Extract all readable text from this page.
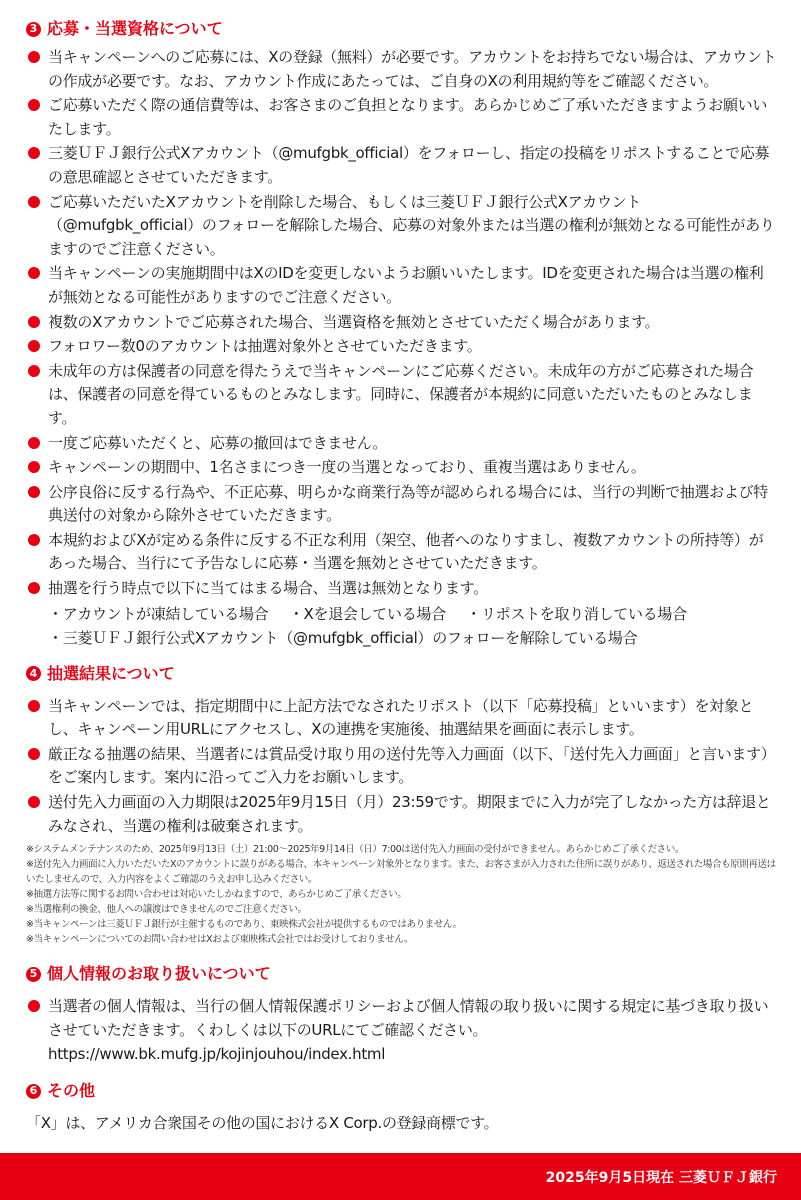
3 応募・当選資格について
当キャンペーンへのご応募には、Xの登録（無料）が必要です。アカウントをお持ちでない場合は、アカウントの作成が必要です。なお、アカウント作成にあたっては、ご自身のXの利用規約等をご確認ください。
ご応募いただく際の通信費等は、お客さまのご負担となります。あらかじめご了承いただきますようお願いいたします。
三菱ＵＦＪ銀行公式Xアカウント（@mufgbk_official）をフォローし、指定の投稿をリポストすることで応募の意思確認とさせていただきます。
ご応募いただいたXアカウントを削除した場合、もしくは三菱ＵＦＪ銀行公式Xアカウント（@mufgbk_official）のフォローを解除した場合、応募の対象外または当選の権利が無効となる可能性がありますのでご注意ください。
当キャンペーンの実施期間中はXのIDを変更しないようお願いいたします。IDを変更された場合は当選の権利が無効となる可能性がありますのでご注意ください。
複数のXアカウントでご応募された場合、当選資格を無効とさせていただく場合があります。
フォロワー数0のアカウントは抽選対象外とさせていただきます。
未成年の方は保護者の同意を得たうえで当キャンペーンにご応募ください。未成年の方がご応募された場合は、保護者の同意を得ているものとみなします。同時に、保護者が本規約に同意いただいたものとみなします。
一度ご応募いただくと、応募の撤回はできません。
キャンペーンの期間中、1名さまにつき一度の当選となっており、重複当選はありません。
公序良俗に反する行為や、不正応募、明らかな商業行為等が認められる場合には、当行の判断で抽選および特典送付の対象から除外させていただきます。
本規約およびXが定める条件に反する不正な利用（架空、他者へのなりすまし、複数アカウントの所持等）があった場合、当行にて予告なしに応募・当選を無効とさせていただきます。
抽選を行う時点で以下に当てはまる場合、当選は無効となります。
・アカウントが凍結している場合 ・Xを退会している場合 ・リポストを取り消している場合
・三菱ＵＦＪ銀行公式Xアカウント（@mufgbk_official）のフォローを解除している場合
4 抽選結果について
当キャンペーンでは、指定期間中に上記方法でなされたリポスト（以下「応募投稿」といいます）を対象とし、キャンペーン用URLにアクセスし、Xの連携を実施後、抽選結果を画面に表示します。
厳正なる抽選の結果、当選者には賞品受け取り用の送付先等入力画面（以下、「送付先入力画面」と言います）をご案内します。案内に沿ってご入力をお願いします。
送付先入力画面の入力期限は2025年9月15日（月）23:59です。期限までに入力が完了しなかった方は辞退とみなされ、当選の権利は破棄されます。
※システムメンテナンスのため、2025年9月13日（土）21:00〜2025年9月14日（日）7:00は送付先入力画面の受付ができません。あらかじめご了承ください。
※送付先入力画面に入力いただいたXのアカウントに誤りがある場合、本キャンペーン対象外となります。また、お客さまが入力された住所に誤りがあり、返送された場合も原則再送はいたしませんので、入力内容をよくご確認のうえお申し込みください。
※抽選方法等に関するお問い合わせは対応いたしかねますので、あらかじめご了承ください。
※当選権利の換金、他人への譲渡はできませんのでご注意ください。
※当キャンペーンは三菱ＵＦＪ銀行が主催するものであり、東映株式会社が提供するものではありません。
※当キャンペーンについてのお問い合わせはXおよび東映株式会社ではお受けしておりません。
5 個人情報のお取り扱いについて
当選者の個人情報は、当行の個人情報保護ポリシーおよび個人情報の取り扱いに関する規定に基づき取り扱いさせていただきます。くわしくは以下のURLにてご確認ください。
https://www.bk.mufg.jp/kojinjouhou/index.html
6 その他
「X」は、アメリカ合衆国その他の国におけるX Corp.の登録商標です。
2025年9月5日現在 三菱ＵＦＪ銀行
